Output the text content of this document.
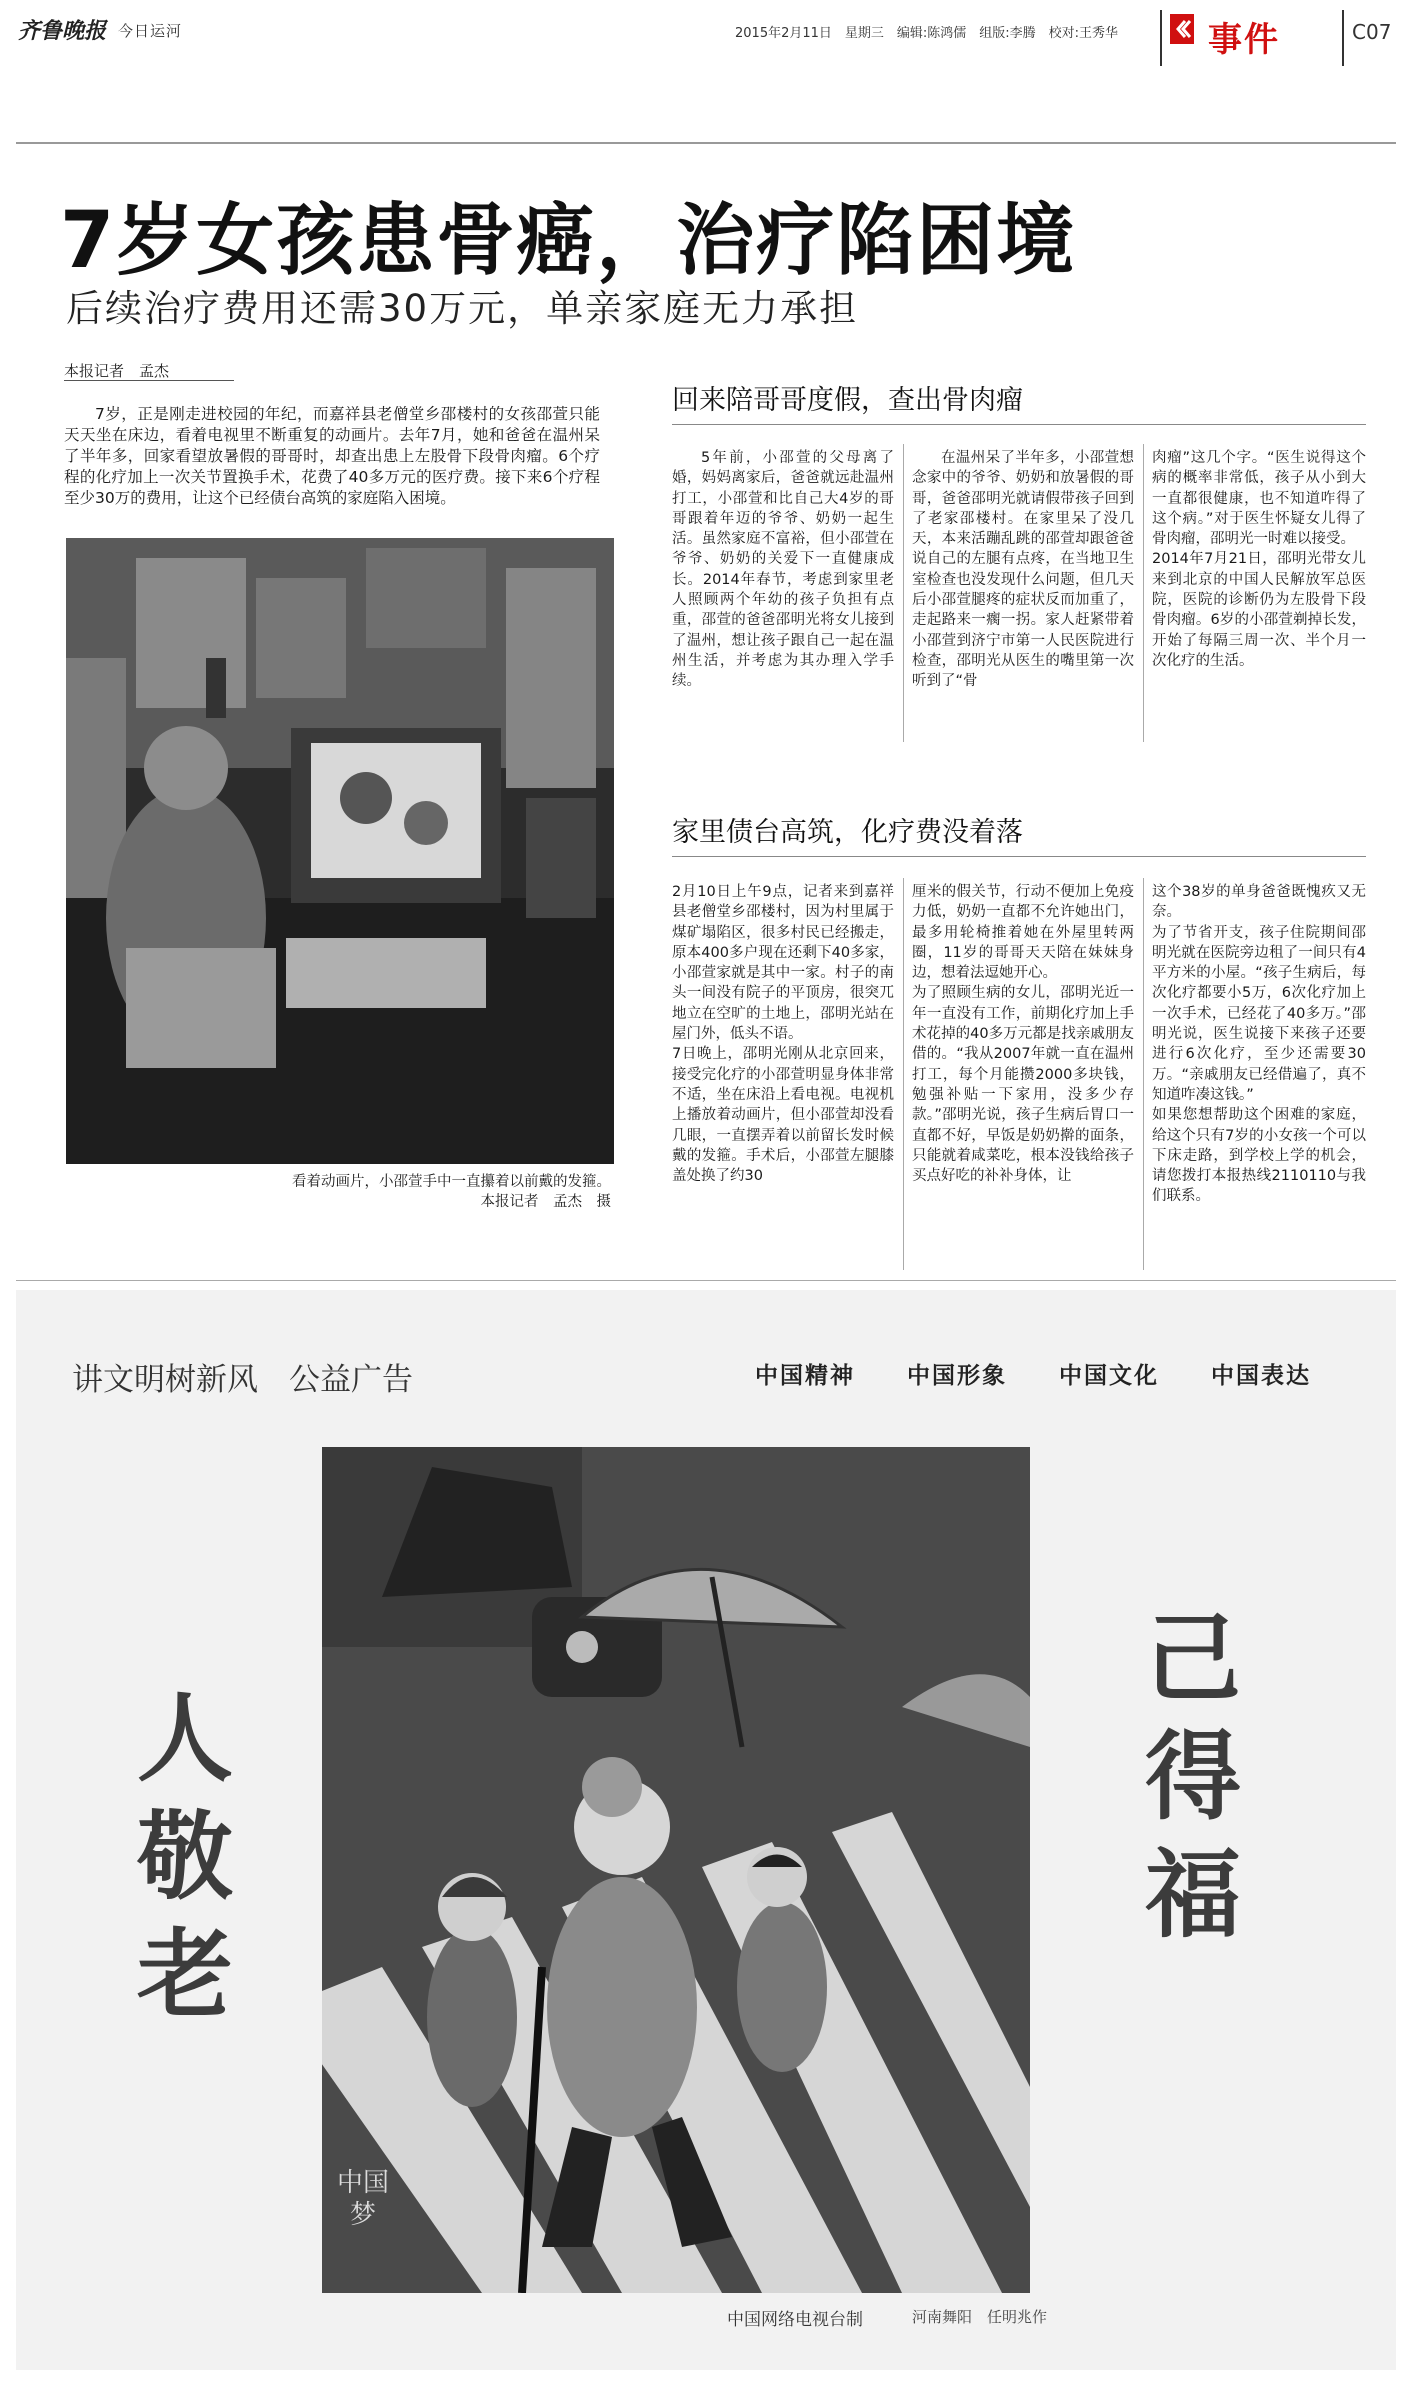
齐鲁晚报 今日运河	2015年2月11日　星期三　编辑:陈鸿儒　组版:李腾　校对:王秀华	事件	C07
7岁女孩患骨癌，治疗陷困境
后续治疗费用还需30万元，单亲家庭无力承担
本报记者　孟杰
7岁，正是刚走进校园的年纪，而嘉祥县老僧堂乡邵楼村的女孩邵萱只能天天坐在床边，看着电视里不断重复的动画片。去年7月，她和爸爸在温州呆了半年多，回家看望放暑假的哥哥时，却查出患上左股骨下段骨肉瘤。6个疗程的化疗加上一次关节置换手术，花费了40多万元的医疗费。接下来6个疗程至少30万的费用，让这个已经债台高筑的家庭陷入困境。
看着动画片，小邵萱手中一直攥着以前戴的发箍。
本报记者　孟杰　摄
回来陪哥哥度假，查出骨肉瘤
5年前，小邵萱的父母离了婚，妈妈离家后，爸爸就远赴温州打工，小邵萱和比自己大4岁的哥哥跟着年迈的爷爷、奶奶一起生活。虽然家庭不富裕，但小邵萱在爷爷、奶奶的关爱下一直健康成长。2014年春节，考虑到家里老人照顾两个年幼的孩子负担有点重，邵萱的爸爸邵明光将女儿接到了温州，想让孩子跟自己一起在温州生活，并考虑为其办理入学手续。
在温州呆了半年多，小邵萱想念家中的爷爷、奶奶和放暑假的哥哥，爸爸邵明光就请假带孩子回到了老家邵楼村。在家里呆了没几天，本来活蹦乱跳的邵萱却跟爸爸说自己的左腿有点疼，在当地卫生室检查也没发现什么问题，但几天后小邵萱腿疼的症状反而加重了，走起路来一瘸一拐。家人赶紧带着小邵萱到济宁市第一人民医院进行检查，邵明光从医生的嘴里第一次听到了“骨
肉瘤”这几个字。“医生说得这个病的概率非常低，孩子从小到大一直都很健康，也不知道咋得了这个病。”对于医生怀疑女儿得了骨肉瘤，邵明光一时难以接受。
2014年7月21日，邵明光带女儿来到北京的中国人民解放军总医院，医院的诊断仍为左股骨下段骨肉瘤。6岁的小邵萱剃掉长发，开始了每隔三周一次、半个月一次化疗的生活。
家里债台高筑，化疗费没着落
2月10日上午9点，记者来到嘉祥县老僧堂乡邵楼村，因为村里属于煤矿塌陷区，很多村民已经搬走，原本400多户现在还剩下40多家，小邵萱家就是其中一家。村子的南头一间没有院子的平顶房，很突兀地立在空旷的土地上，邵明光站在屋门外，低头不语。
7日晚上，邵明光刚从北京回来，接受完化疗的小邵萱明显身体非常不适，坐在床沿上看电视。电视机上播放着动画片，但小邵萱却没看几眼，一直摆弄着以前留长发时候戴的发箍。手术后，小邵萱左腿膝盖处换了约30
厘米的假关节，行动不便加上免疫力低，奶奶一直都不允许她出门，最多用轮椅推着她在外屋里转两圈，11岁的哥哥天天陪在妹妹身边，想着法逗她开心。
为了照顾生病的女儿，邵明光近一年一直没有工作，前期化疗加上手术花掉的40多万元都是找亲戚朋友借的。“我从2007年就一直在温州打工，每个月能攒2000多块钱，勉强补贴一下家用，没多少存款。”邵明光说，孩子生病后胃口一直都不好，早饭是奶奶擀的面条，只能就着咸菜吃，根本没钱给孩子买点好吃的补补身体，让
这个38岁的单身爸爸既愧疚又无奈。
为了节省开支，孩子住院期间邵明光就在医院旁边租了一间只有4平方米的小屋。“孩子生病后，每次化疗都要小5万，6次化疗加上一次手术，已经花了40多万。”邵明光说，医生说接下来孩子还要进行6次化疗，至少还需要30万。“亲戚朋友已经借遍了，真不知道咋凑这钱。”
如果您想帮助这个困难的家庭，给这个只有7岁的小女孩一个可以下床走路，到学校上学的机会，请您拨打本报热线2110110与我们联系。
讲文明树新风　公益广告	中国精神 中国形象 中国文化 中国表达
人
敬
老
己
得
福
中国梦
中国网络电视台制	河南舞阳　任明兆作
